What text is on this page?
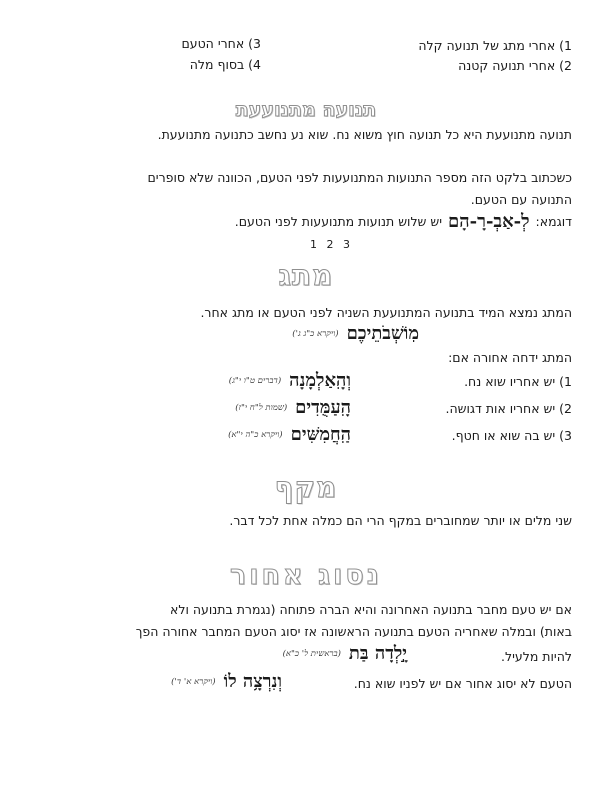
1) אחרי מתג של תנועה קלה
2) אחרי תנועה קטנה
3) אחרי הטעם
4) בסוף מלה
תנועה מתנועעת
תנועה מתנועעת היא כל תנועה חוץ משוא נח. שוא נע נחשב כתנועה מתנועעת.
כשכתוב בלקט הזה מספר התנועות המתנועעות לפני הטעם, הכוונה שלא סופרים
התנועה עם הטעם.
דוגמא:
לְ-אַבְ-רָ-הָם
יש שלוש תנועות מתנועעות לפני הטעם.
1 2 3
מתג
המתג נמצא המיד בתנועה המתנועעת השניה לפני הטעם או מתג אחר.
מֽוֹשְׁבֹתֵיכֶם
(ויקרא כ"ג ג')
המתג ידחה אחורה אם:
1) יש אחריו שוא נח.
וְהָֽאַלְמָנָה
(דברים ט"ו י"ג)
2) יש אחריו אות דגושה.
הָֽעַמֻּדִים
(שמות ל"ח י"ז)
3) יש בה שוא או חטף.
הַֽחֲמִשִּׁים
(ויקרא כ"ה י"א)
מקף
שני מלים או יותר שמחוברים במקף הרי הם כמלה אחת לכל דבר.
נסוג אחור
אם יש טעם מחבר בתנועה האחרונה והיא הברה פתוחה (נגמרת בתנועה ולא
באות) ובמלה שאחריה הטעם בתנועה הראשונה אז יסוג הטעם המחבר אחורה הפך
להיות מלעיל.
יָ֣לְדָה בַּת
(בראשית ל' כ"א)
הטעם לא יסוג אחור אם יש לפניו שוא נח.
וְנִרְצָ֥ה לוֹ
(ויקרא א' ד')
